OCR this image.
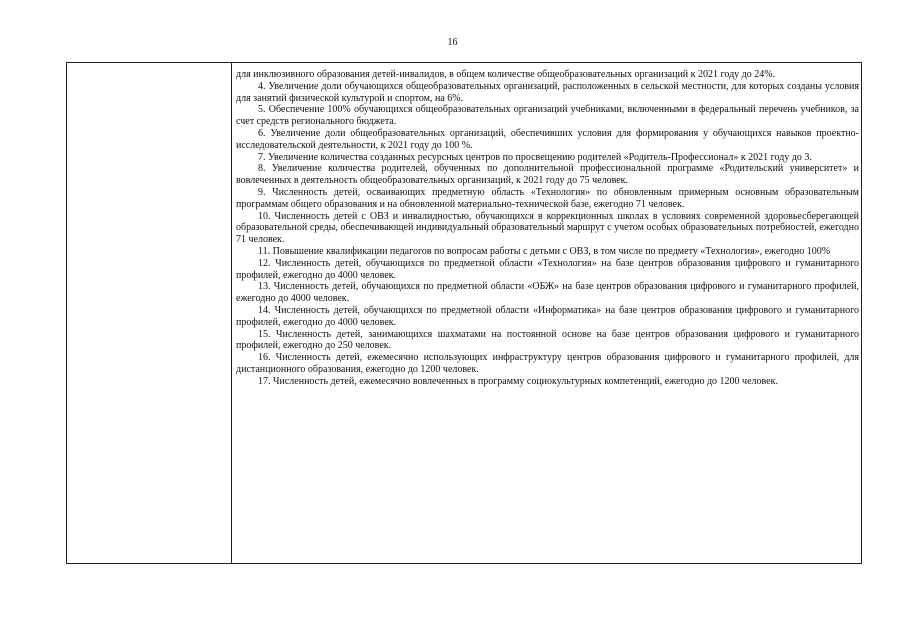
16

для инклюзивного образования детей-инвалидов, в общем количестве общеобразовательных организаций к 2021 году до 24%.

4. Увеличение доли обучающихся общеобразовательных организаций, расположенных в сельской местности, для которых созданы условия для занятий физической культурой и спортом, на 6%.

5. Обеспечение 100% обучающихся общеобразовательных организаций учебниками, включенными в федеральный перечень учебников, за счет средств регионального бюджета.

6. Увеличение доли общеобразовательных организаций, обеспечивших условия для формирования у обучающихся навыков проектно-исследовательской деятельности, к 2021 году до 100 %.

7. Увеличение количества созданных ресурсных центров по просвещению родителей «Родитель-Профессионал» к 2021 году до 3.

8. Увеличение количества родителей, обученных по дополнительной профессиональной программе «Родительский университет» и вовлеченных в деятельность общеобразовательных организаций, к 2021 году до 75 человек.

9. Численность детей, осваивающих предметную область «Технология» по обновленным примерным основным образовательным программам общего образования и на обновленной материально-технической базе, ежегодно 71 человек.

10. Численность детей с ОВЗ и инвалидностью, обучающихся в коррекционных школах в условиях современной здоровьесберегающей образовательной среды, обеспечивающей индивидуальный образовательный маршрут с учетом особых образовательных потребностей, ежегодно 71 человек.

11. Повышение квалификации педагогов по вопросам работы с детьми с ОВЗ, в том числе по предмету «Технология», ежегодно 100%

12. Численность детей, обучающихся по предметной области «Технология» на базе центров образования цифрового и гуманитарного профилей, ежегодно до 4000 человек.

13. Численность детей, обучающихся по предметной области «ОБЖ» на базе центров образования цифрового и гуманитарного профилей, ежегодно до 4000 человек.

14. Численность детей, обучающихся по предметной области «Информатика» на базе центров образования цифрового и гуманитарного профилей, ежегодно до 4000 человек.

15. Численность детей, занимающихся шахматами на постоянной основе на базе центров образования цифрового и гуманитарного профилей, ежегодно до 250 человек.

16. Численность детей, ежемесячно использующих инфраструктуру центров образования цифрового и гуманитарного профилей, для дистанционного образования, ежегодно до 1200 человек.

17. Численность детей, ежемесячно вовлеченных в программу социокультурных компетенций, ежегодно до 1200 человек.
